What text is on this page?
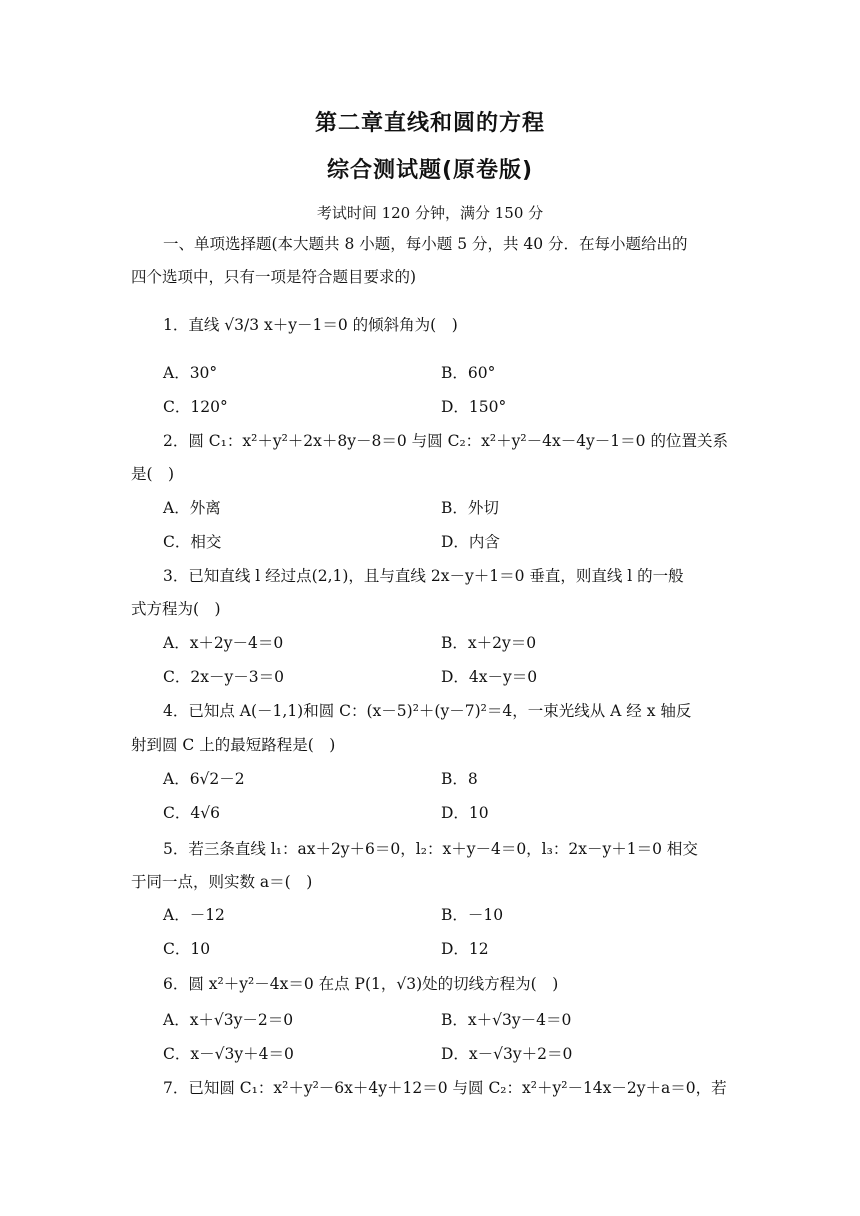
第二章直线和圆的方程
综合测试题(原卷版)
考试时间 120 分钟，满分 150 分
一、单项选择题(本大题共 8 小题，每小题 5 分，共 40 分．在每小题给出的
四个选项中，只有一项是符合题目要求的)
1．直线 √3/3 x＋y－1＝0 的倾斜角为(　)
A．30°	B．60°
C．120°	D．150°
2．圆 C₁：x²＋y²＋2x＋8y－8＝0 与圆 C₂：x²＋y²－4x－4y－1＝0 的位置关系
是(　)
A．外离	B．外切
C．相交	D．内含
3．已知直线 l 经过点(2,1)，且与直线 2x－y＋1＝0 垂直，则直线 l 的一般
式方程为(　)
A．x＋2y－4＝0	B．x＋2y＝0
C．2x－y－3＝0	D．4x－y＝0
4．已知点 A(－1,1)和圆 C：(x－5)²＋(y－7)²＝4，一束光线从 A 经 x 轴反
射到圆 C 上的最短路程是(　)
A．6√2－2	B．8
C．4√6	D．10
5．若三条直线 l₁：ax＋2y＋6＝0，l₂：x＋y－4＝0，l₃：2x－y＋1＝0 相交
于同一点，则实数 a＝(　)
A．－12	B．－10
C．10	D．12
6．圆 x²＋y²－4x＝0 在点 P(1，√3)处的切线方程为(　)
A．x＋√3y－2＝0	B．x＋√3y－4＝0
C．x－√3y＋4＝0	D．x－√3y＋2＝0
7．已知圆 C₁：x²＋y²－6x＋4y＋12＝0 与圆 C₂：x²＋y²－14x－2y＋a＝0，若
